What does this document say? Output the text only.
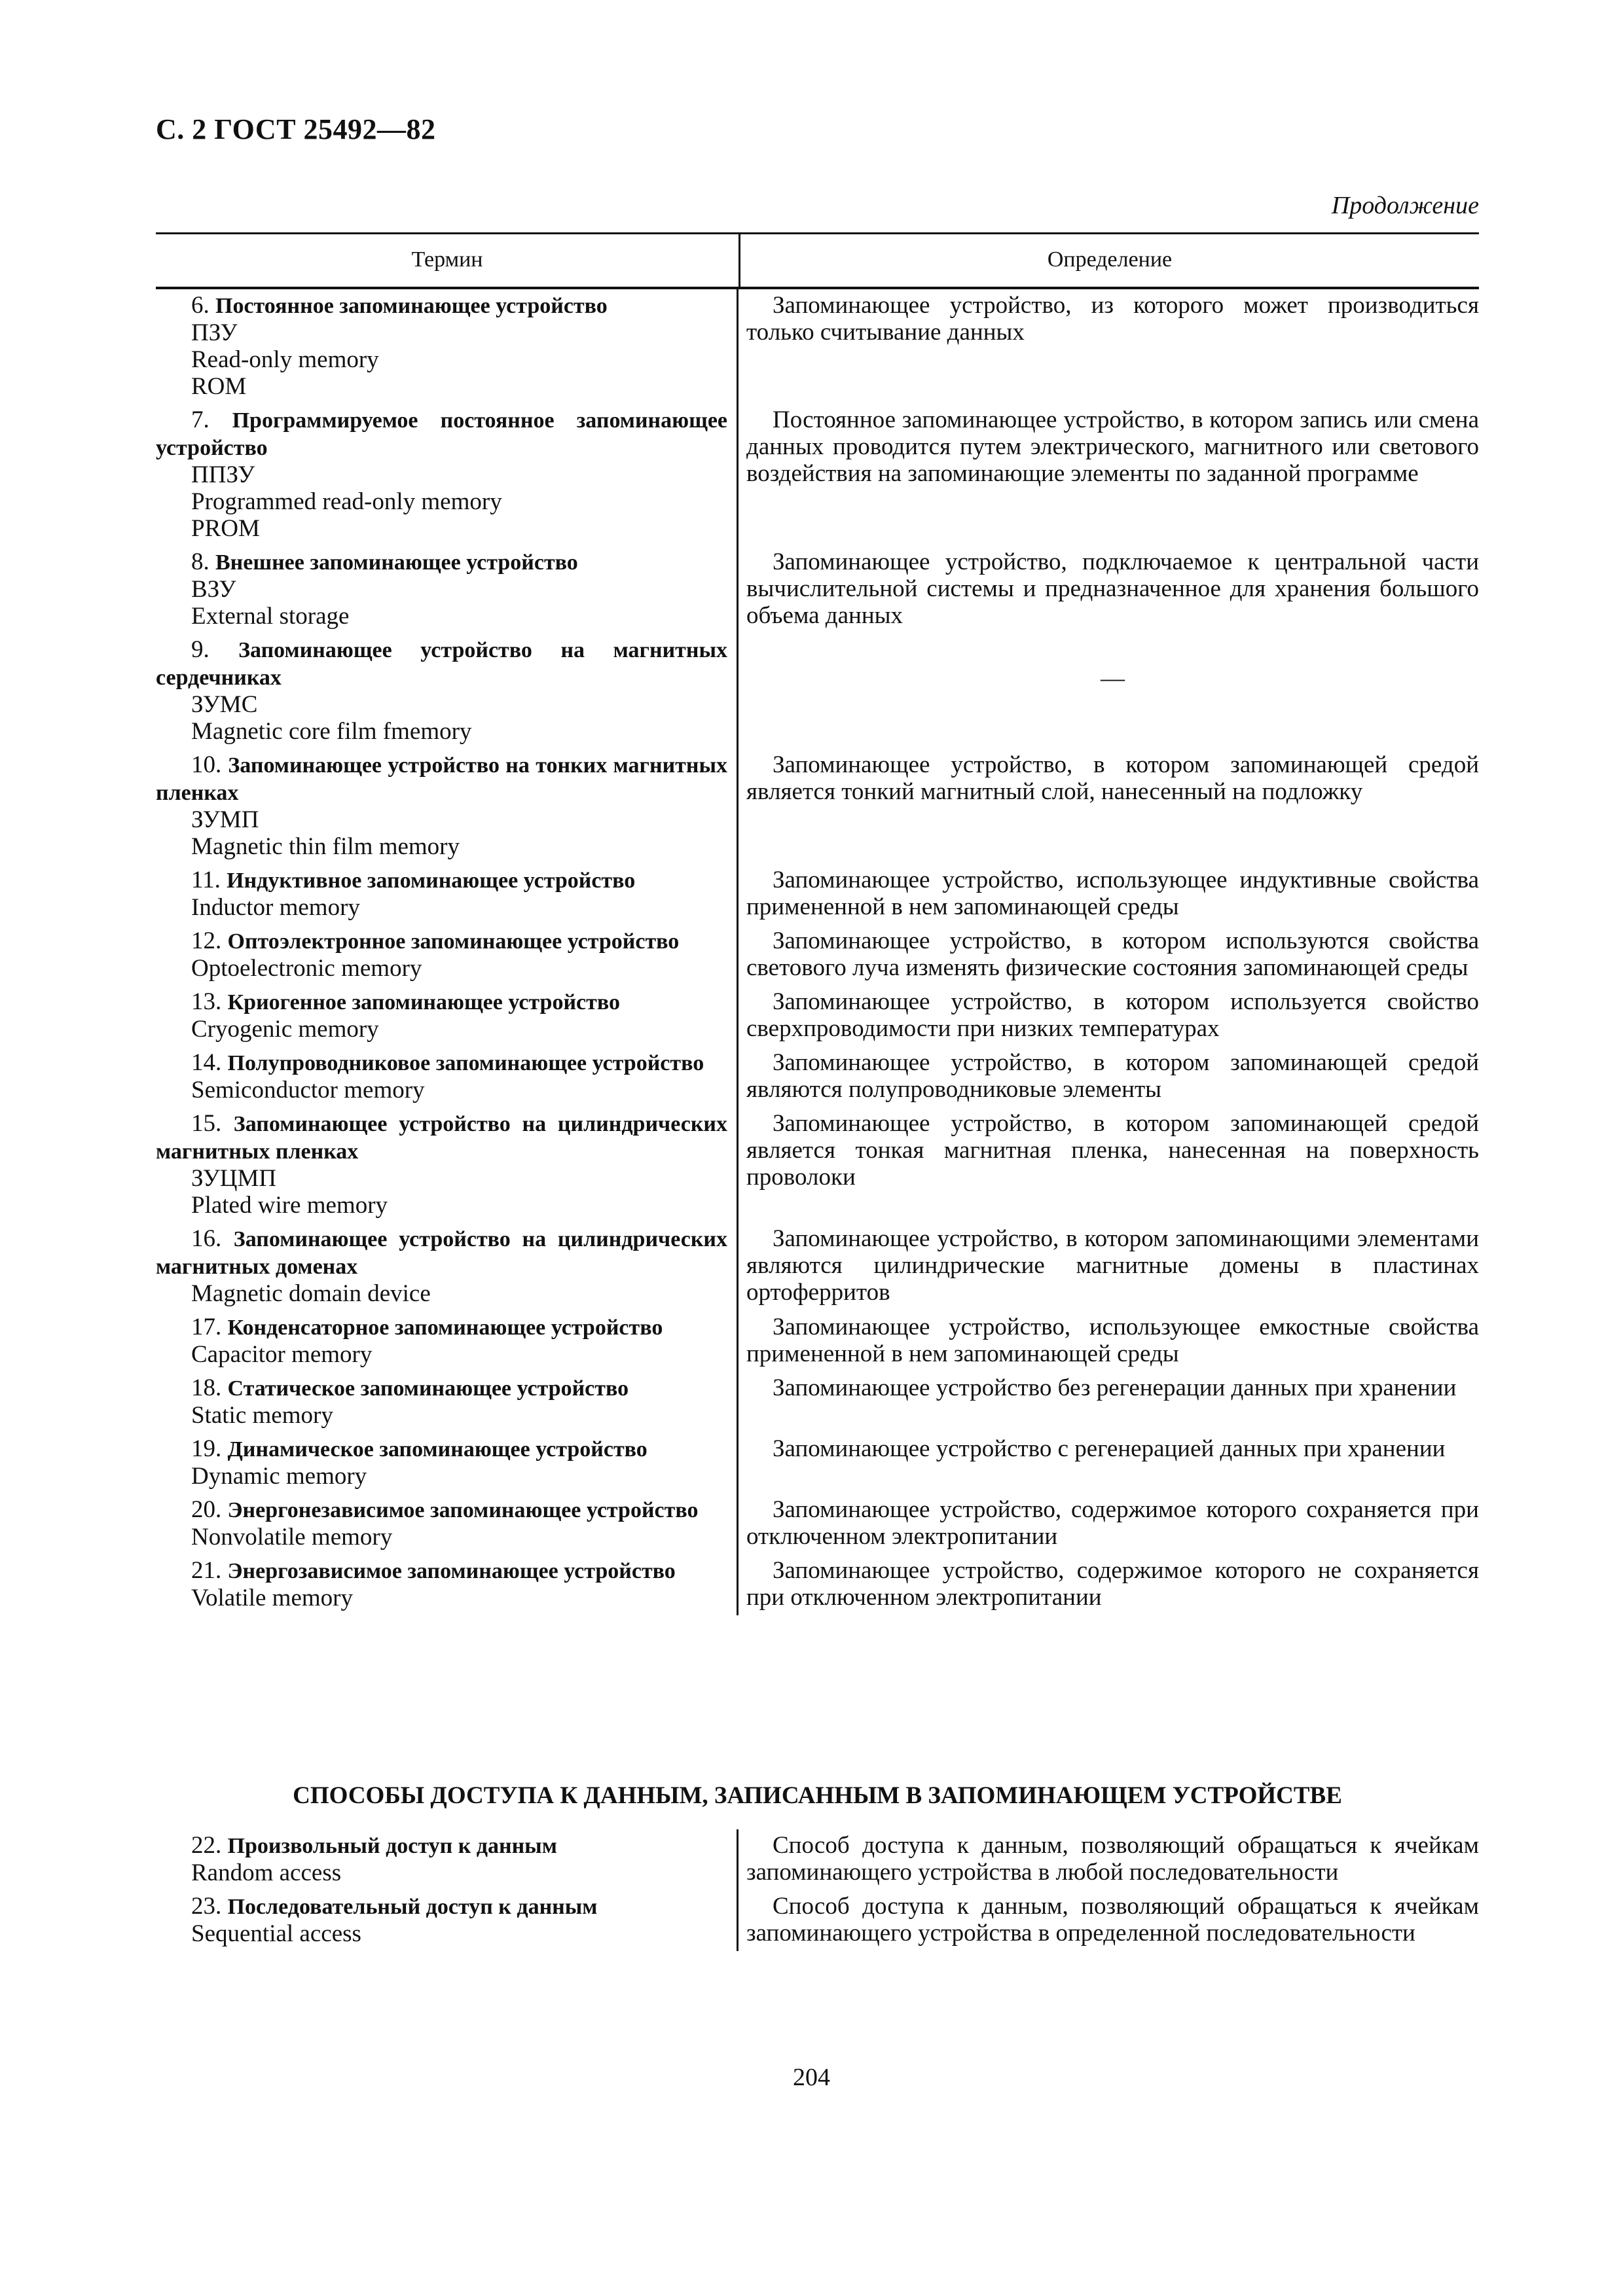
С. 2 ГОСТ 25492—82
Продолжение
Термин	Определение
6. Постоянное запоминающее устройство
ПЗУ
Read-only memory
ROM
Запоминающее устройство, из которого может производиться только считывание данных
7. Программируемое постоянное запоминающее устройство
ППЗУ
Programmed read-only memory
PROM
Постоянное запоминающее устройство, в котором запись или смена данных проводится путем электрического, магнитного или светового воздействия на запоминающие элементы по заданной программе
8. Внешнее запоминающее устройство
ВЗУ
External storage
Запоминающее устройство, подключаемое к центральной части вычислительной системы и предназначенное для хранения большого объема данных
9. Запоминающее устройство на магнитных сердечниках
ЗУМС
Magnetic core film fmemory
—
10. Запоминающее устройство на тонких магнитных пленках
ЗУМП
Magnetic thin film memory
Запоминающее устройство, в котором запоминающей средой является тонкий магнитный слой, нанесенный на подложку
11. Индуктивное запоминающее устройство
Inductor memory
Запоминающее устройство, использующее индуктивные свойства примененной в нем запоминающей среды
12. Оптоэлектронное запоминающее устройство
Optoelectronic memory
Запоминающее устройство, в котором используются свойства светового луча изменять физические состояния запоминающей среды
13. Криогенное запоминающее устройство
Cryogenic memory
Запоминающее устройство, в котором используется свойство сверхпроводимости при низких температурах
14. Полупроводниковое запоминающее устройство
Semiconductor memory
Запоминающее устройство, в котором запоминающей средой являются полупроводниковые элементы
15. Запоминающее устройство на цилиндрических магнитных пленках
ЗУЦМП
Plated wire memory
Запоминающее устройство, в котором запоминающей средой является тонкая магнитная пленка, нанесенная на поверхность проволоки
16. Запоминающее устройство на цилиндрических магнитных доменах
Magnetic domain device
Запоминающее устройство, в котором запоминающими элементами являются цилиндрические магнитные домены в пластинах ортоферритов
17. Конденсаторное запоминающее устройство
Capacitor memory
Запоминающее устройство, использующее емкостные свойства примененной в нем запоминающей среды
18. Статическое запоминающее устройство
Static memory
Запоминающее устройство без регенерации данных при хранении
19. Динамическое запоминающее устройство
Dynamic memory
Запоминающее устройство с регенерацией данных при хранении
20. Энергонезависимое запоминающее устройство
Nonvolatile memory
Запоминающее устройство, содержимое которого сохраняется при отключенном электропитании
21. Энергозависимое запоминающее устройство
Volatile memory
Запоминающее устройство, содержимое которого не сохраняется при отключенном электропитании
СПОСОБЫ ДОСТУПА К ДАННЫМ, ЗАПИСАННЫМ В ЗАПОМИНАЮЩЕМ УСТРОЙСТВЕ
22. Произвольный доступ к данным
Random access
Способ доступа к данным, позволяющий обращаться к ячейкам запоминающего устройства в любой последовательности
23. Последовательный доступ к данным
Sequential access
Способ доступа к данным, позволяющий обращаться к ячейкам запоминающего устройства в определенной последовательности
204
